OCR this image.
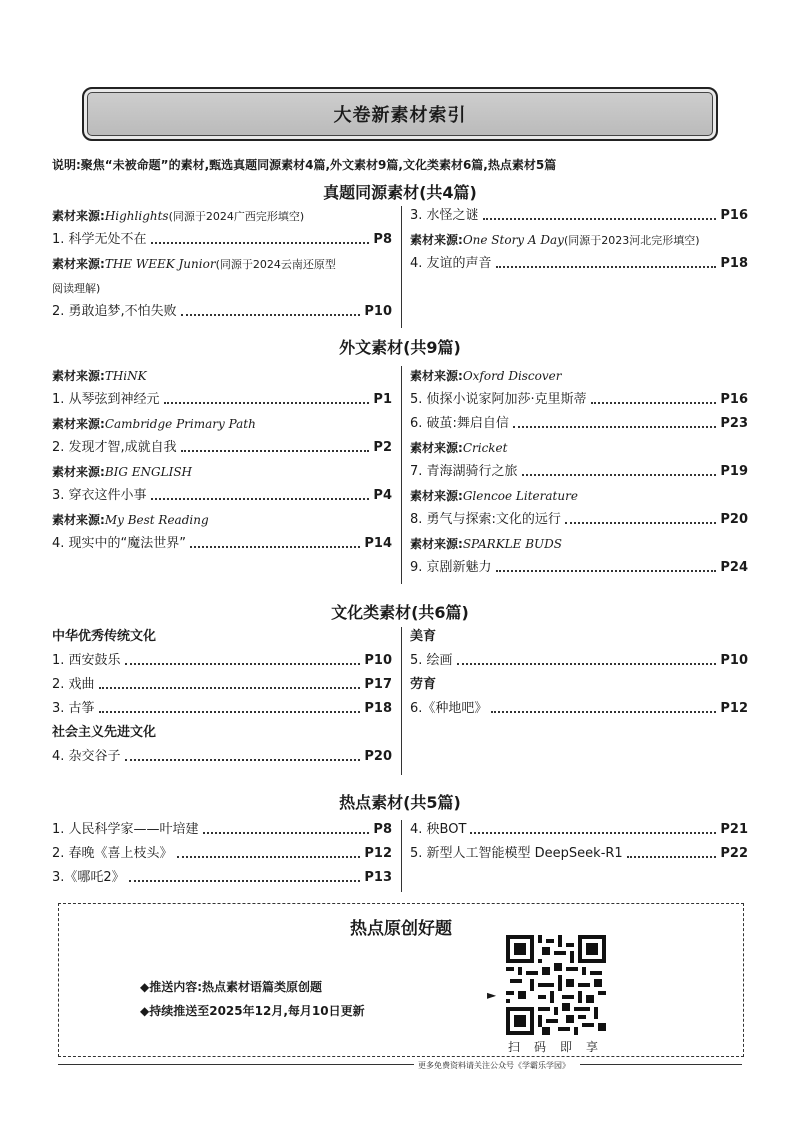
大卷新素材索引
说明:聚焦“未被命题”的素材,甄选真题同源素材4篇,外文素材9篇,文化类素材6篇,热点素材5篇
真题同源素材(共4篇)
素材来源:Highlights(同源于2024广西完形填空)
1. 科学无处不在	P8
素材来源:THE WEEK Junior(同源于2024云南还原型
阅读理解)
2. 勇敢追梦,不怕失败	P10
3. 水怪之谜	P16
素材来源:One Story A Day(同源于2023河北完形填空)
4. 友谊的声音	P18
外文素材(共9篇)
素材来源:THiNK
1. 从琴弦到神经元	P1
素材来源:Cambridge Primary Path
2. 发现才智,成就自我	P2
素材来源:BIG ENGLISH
3. 穿衣这件小事	P4
素材来源:My Best Reading
4. 现实中的“魔法世界”	P14
素材来源:Oxford Discover
5. 侦探小说家阿加莎·克里斯蒂	P16
6. 破茧:舞启自信	P23
素材来源:Cricket
7. 青海湖骑行之旅	P19
素材来源:Glencoe Literature
8. 勇气与探索:文化的远行	P20
素材来源:SPARKLE BUDS
9. 京剧新魅力	P24
文化类素材(共6篇)
中华优秀传统文化
1. 西安鼓乐	P10
2. 戏曲	P17
3. 古筝	P18
社会主义先进文化
4. 杂交谷子	P20
美育
5. 绘画	P10
劳育
6.《种地吧》	P12
热点素材(共5篇)
1. 人民科学家——叶培建	P8
2. 春晚《喜上枝头》	P12
3.《哪吒2》	P13
4. 秧BOT	P21
5. 新型人工智能模型 DeepSeek-R1	P22
热点原创好题
◆推送内容:热点素材语篇类原创题
◆持续推送至2025年12月,每月10日更新
►
扫码即享
更多免费资料请关注公众号《学霸乐学园》
